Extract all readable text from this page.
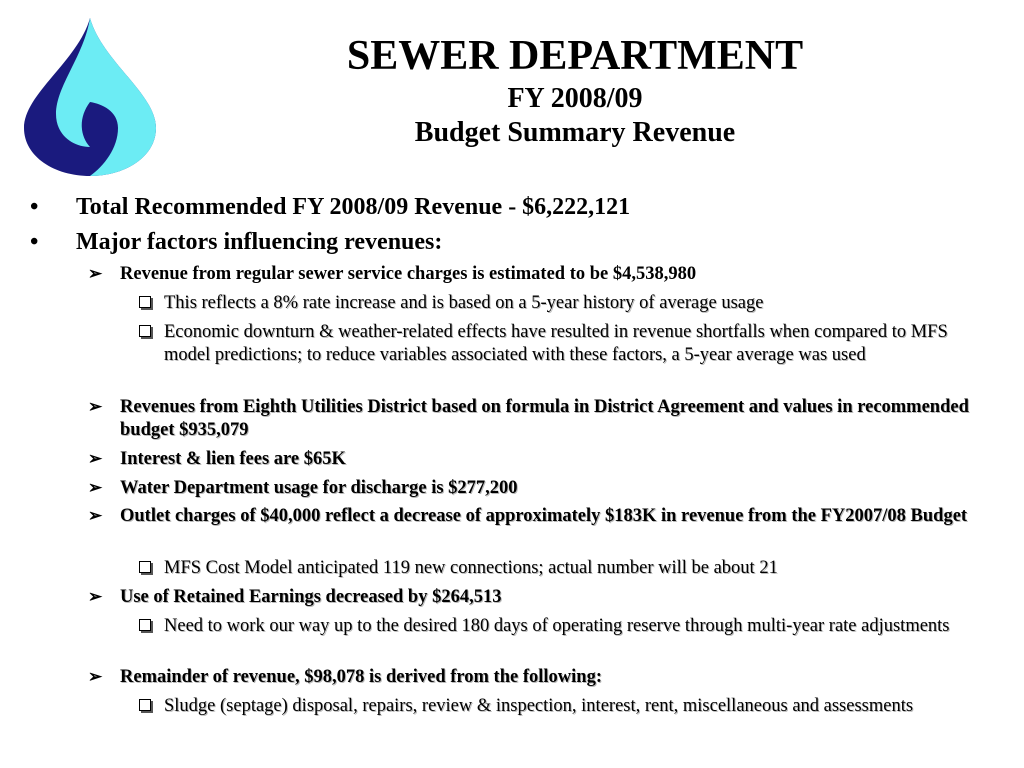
SEWER DEPARTMENT
FY 2008/09
Budget Summary Revenue
•	Total Recommended FY 2008/09 Revenue - $6,222,121
•	Major factors influencing revenues:
➢ Revenue from regular sewer service charges is estimated to be $4,538,980
This reflects a 8% rate increase and is based on a 5-year history of average usage
Economic downturn & weather-related effects have resulted in revenue shortfalls when compared to MFS model predictions; to reduce variables associated with these factors, a 5-year average was used
➢ Revenues from Eighth Utilities District based on formula in District Agreement and values in recommended budget $935,079
➢ Interest & lien fees are $65K
➢ Water Department usage for discharge is $277,200
➢ Outlet charges of $40,000 reflect a decrease of approximately $183K in revenue from the FY2007/08 Budget
MFS Cost Model anticipated 119 new connections; actual number will be about 21
➢ Use of Retained Earnings decreased by $264,513
Need to work our way up to the desired 180 days of operating reserve through multi-year rate adjustments
➢ Remainder of revenue, $98,078 is derived from the following:
Sludge (septage) disposal, repairs, review & inspection, interest, rent, miscellaneous and assessments
